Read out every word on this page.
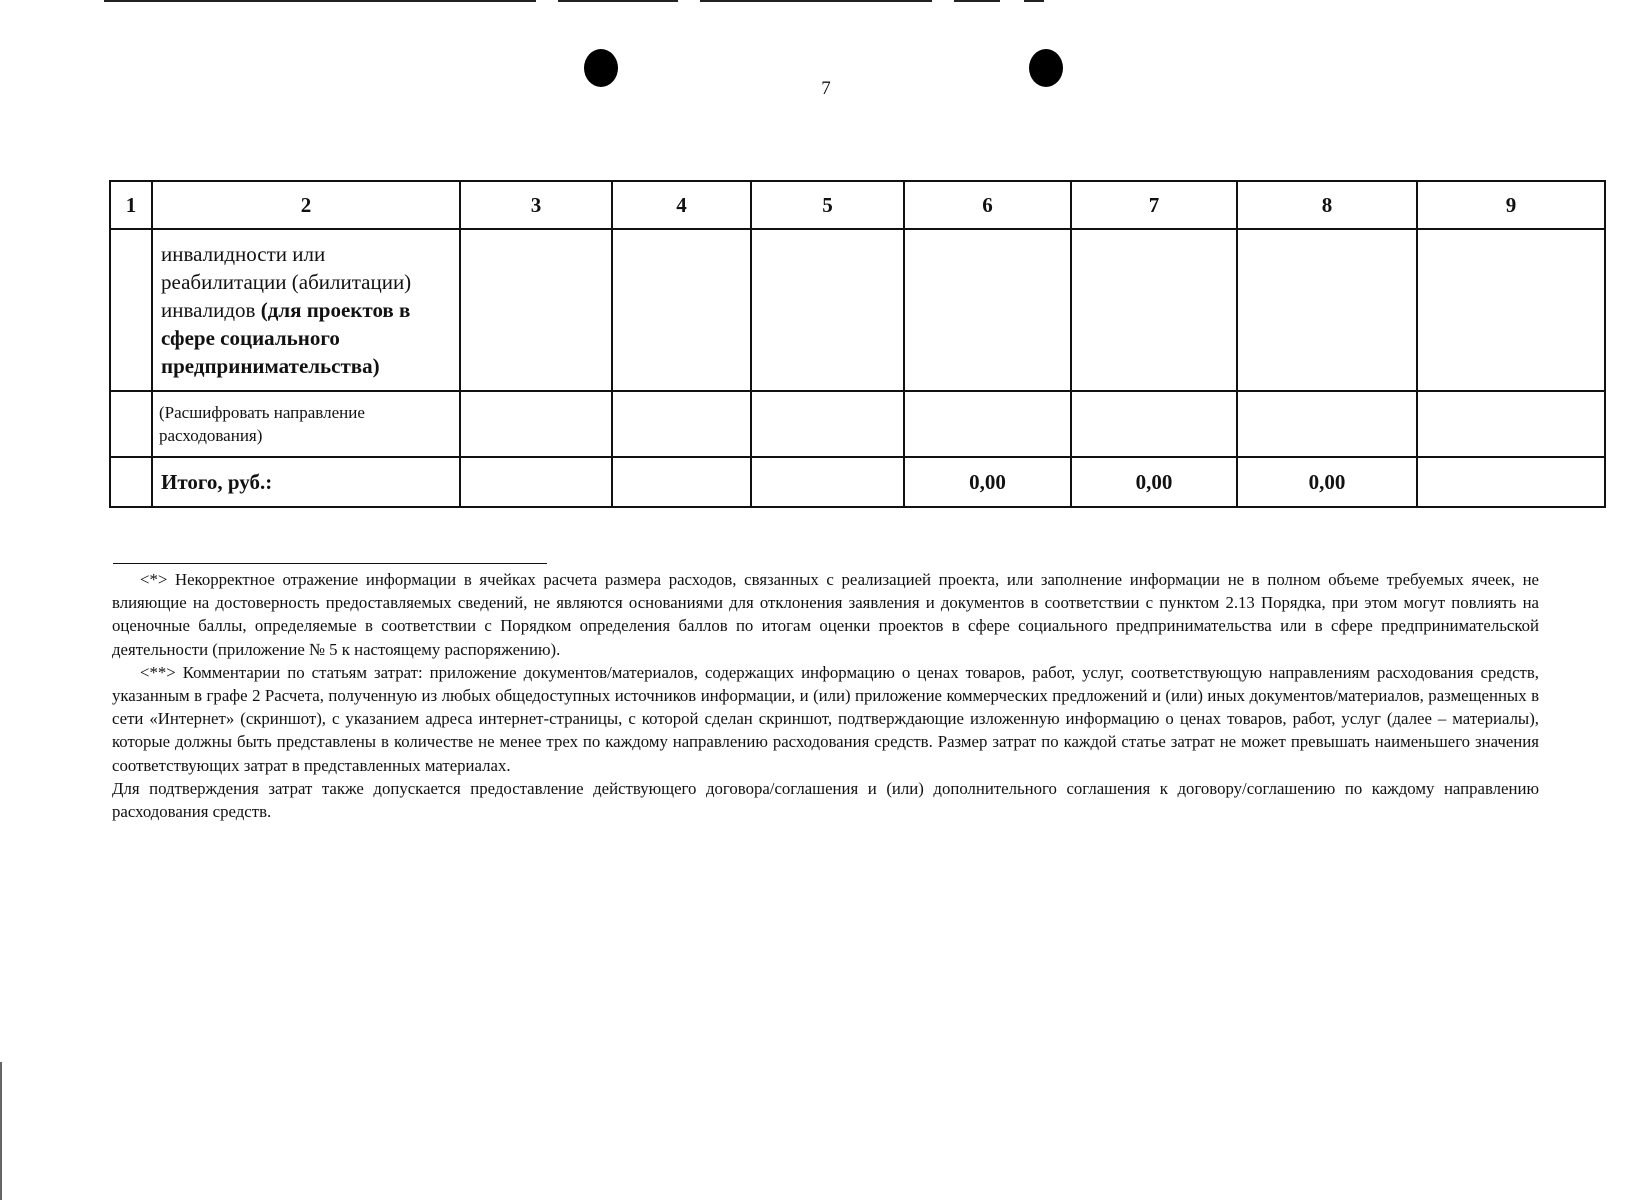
7
1	2	3	4	5	6	7	8	9

	инвалидности или реабилитации (абилитации) инвалидов (для проектов в сфере социального предпринимательства)							

	(Расшифровать направление расходования)							

	Итого, руб.:				0,00	0,00	0,00	

<*> Некорректное отражение информации в ячейках расчета размера расходов, связанных с реализацией проекта, или заполнение информации не в полном объеме требуемых ячеек, не влияющие на достоверность предоставляемых сведений, не являются основаниями для отклонения заявления и документов в соответствии с пунктом 2.13 Порядка, при этом могут повлиять на оценочные баллы, определяемые в соответствии с Порядком определения баллов по итогам оценки проектов в сфере социального предпринимательства или в сфере предпринимательской деятельности (приложение № 5 к настоящему распоряжению).

<**> Комментарии по статьям затрат: приложение документов/материалов, содержащих информацию о ценах товаров, работ, услуг, соответствующую направлениям расходования средств, указанным в графе 2 Расчета, полученную из любых общедоступных источников информации, и (или) приложение коммерческих предложений и (или) иных документов/материалов, размещенных в сети «Интернет» (скриншот), с указанием адреса интернет-страницы, с которой сделан скриншот, подтверждающие изложенную информацию о ценах товаров, работ, услуг (далее – материалы), которые должны быть представлены в количестве не менее трех по каждому направлению расходования средств. Размер затрат по каждой статье затрат не может превышать наименьшего значения соответствующих затрат в представленных материалах.

Для подтверждения затрат также допускается предоставление действующего договора/соглашения и (или) дополнительного соглашения к договору/соглашению по каждому направлению расходования средств.
